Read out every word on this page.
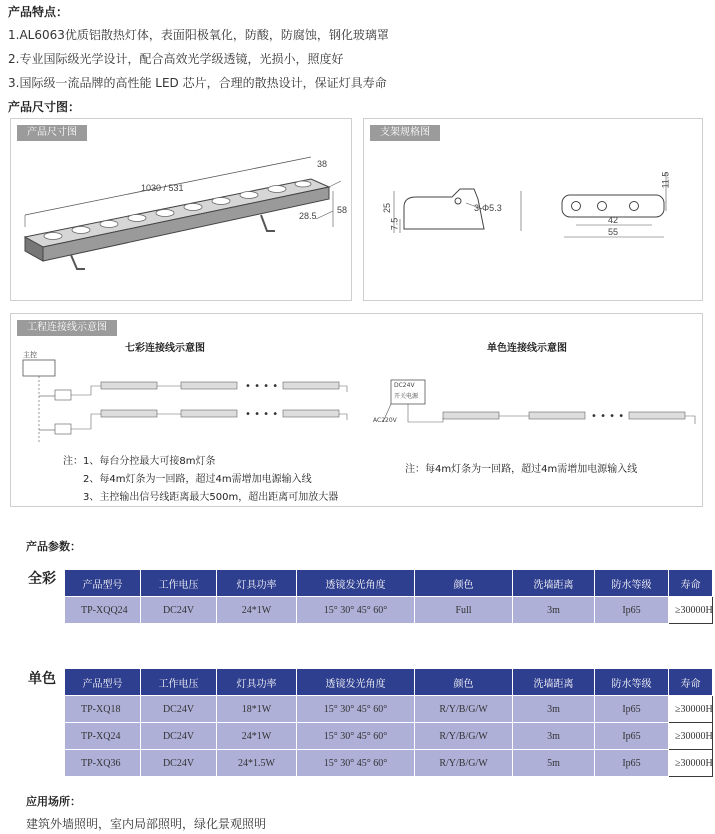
产品特点：
1.AL6063优质铝散热灯体，表面阳极氧化，防酸，防腐蚀，钢化玻璃罩
2.专业国际级光学设计，配合高效光学级透镜，光损小，照度好
3.国际级一流品牌的高性能 LED 芯片，合理的散热设计，保证灯具寿命
产品尺寸图：
产品尺寸图
1030 / 531
38
28.5
58
支架规格图
25
7.5
3-Φ5.3
11.5
42
55
工程连接线示意图
七彩连接线示意图	单色连接线示意图
• • • •
• • • •	• • • •
主控
DC24V
开关电源
AC220V
注：1、每台分控最大可接8m灯条
2、每4m灯条为一回路，超过4m需增加电源输入线
3、主控输出信号线距离最大500m，超出距离可加放大器
注：每4m灯条为一回路，超过4m需增加电源输入线
产品参数：
全彩	产品型号	工作电压	灯具功率	透镜发光角度	颜色	洗墙距离	防水等级	寿命
TP-XQQ24	DC24V	24*1W	15° 30° 45° 60°	Full	3m	Ip65	≥30000H
单色	产品型号	工作电压	灯具功率	透镜发光角度	颜色	洗墙距离	防水等级	寿命
TP-XQ18	DC24V	18*1W	15° 30° 45° 60°	R/Y/B/G/W	3m	Ip65	≥30000H
TP-XQ24	DC24V	24*1W	15° 30° 45° 60°	R/Y/B/G/W	3m	Ip65	≥30000H
TP-XQ36	DC24V	24*1.5W	15° 30° 45° 60°	R/Y/B/G/W	5m	Ip65	≥30000H
应用场所：
建筑外墙照明，室内局部照明，绿化景观照明
